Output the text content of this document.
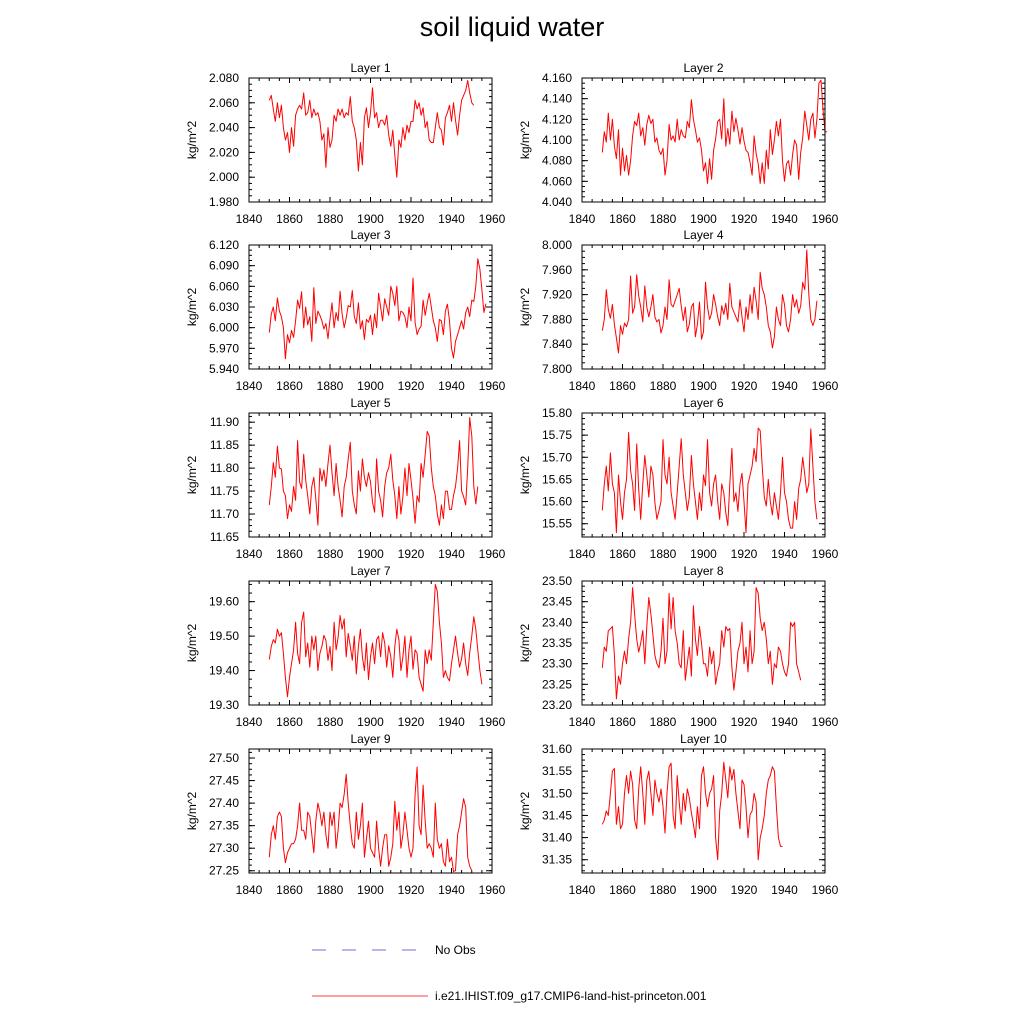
soil liquid water
Layer 1
kg/m^2
1840 1860 1880 1900 1920 1940 1960
1.980
2.000
2.020
2.040
2.060
2.080
Layer 2
kg/m^2
1840 1860 1880 1900 1920 1940 1960
4.040
4.060
4.080
4.100
4.120
4.140
4.160
Layer 3
kg/m^2
1840 1860 1880 1900 1920 1940 1960
5.940
5.970
6.000
6.030
6.060
6.090
6.120
Layer 4
kg/m^2
1840 1860 1880 1900 1920 1940 1960
7.800
7.840
7.880
7.920
7.960
8.000
Layer 5
kg/m^2
1840 1860 1880 1900 1920 1940 1960
11.65
11.70
11.75
11.80
11.85
11.90
Layer 6
kg/m^2
1840 1860 1880 1900 1920 1940 1960
15.55
15.60
15.65
15.70
15.75
15.80
Layer 7
kg/m^2
1840 1860 1880 1900 1920 1940 1960
19.30
19.40
19.50
19.60
Layer 8
kg/m^2
1840 1860 1880 1900 1920 1940 1960
23.20
23.25
23.30
23.35
23.40
23.45
23.50
Layer 9
kg/m^2
1840 1860 1880 1900 1920 1940 1960
27.25
27.30
27.35
27.40
27.45
27.50
Layer 10
kg/m^2
1840 1860 1880 1900 1920 1940 1960
31.35
31.40
31.45
31.50
31.55
31.60
No Obs
i.e21.IHIST.f09_g17.CMIP6-land-hist-princeton.001
